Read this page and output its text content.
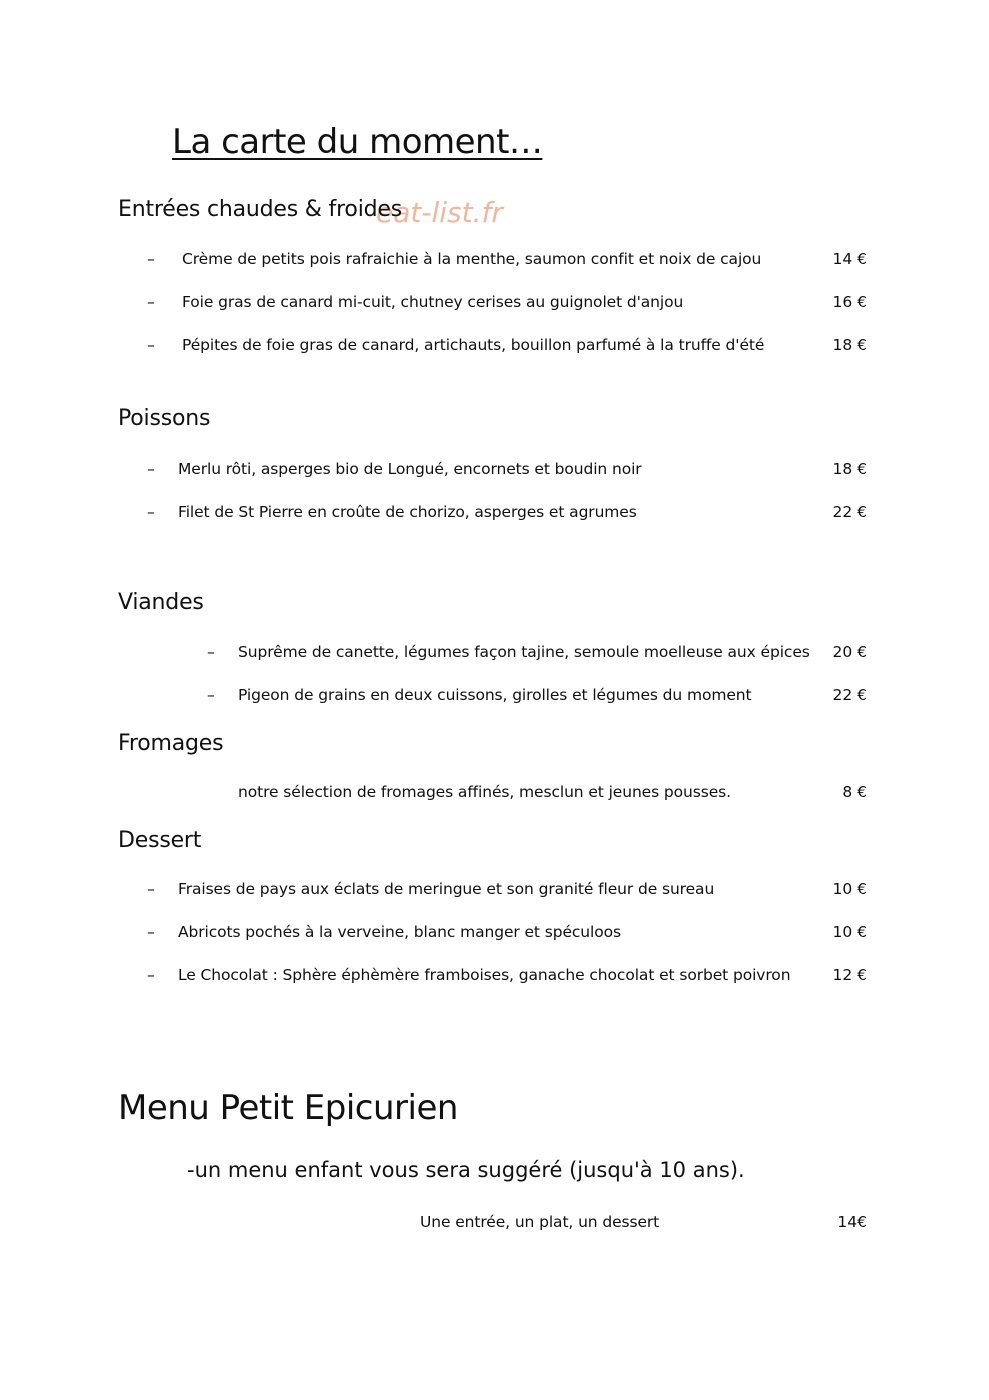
La carte du moment…
eat-list.fr
Entrées chaudes & froides
– Crème de petits pois rafraichie à la menthe, saumon confit et noix de cajou	14 €
– Foie gras de canard mi-cuit, chutney cerises au guignolet d'anjou	16 €
– Pépites de foie gras de canard, artichauts, bouillon parfumé à la truffe d'été	18 €
Poissons
– Merlu rôti, asperges bio de Longué, encornets et boudin noir	18 €
– Filet de St Pierre en croûte de chorizo, asperges et agrumes	22 €
Viandes
– Suprême de canette, légumes façon tajine, semoule moelleuse aux épices 20 €
– Pigeon de grains en deux cuissons, girolles et légumes du moment	22 €
Fromages
notre sélection de fromages affinés, mesclun et jeunes pousses.	8 €
Dessert
– Fraises de pays aux éclats de meringue et son granité fleur de sureau	10 €
– Abricots pochés à la verveine, blanc manger et spéculoos	10 €
– Le Chocolat : Sphère éphèmère framboises, ganache chocolat et sorbet poivron	12 €
Menu Petit Epicurien
-un menu enfant vous sera suggéré (jusqu'à 10 ans).
Une entrée, un plat, un dessert	14€
